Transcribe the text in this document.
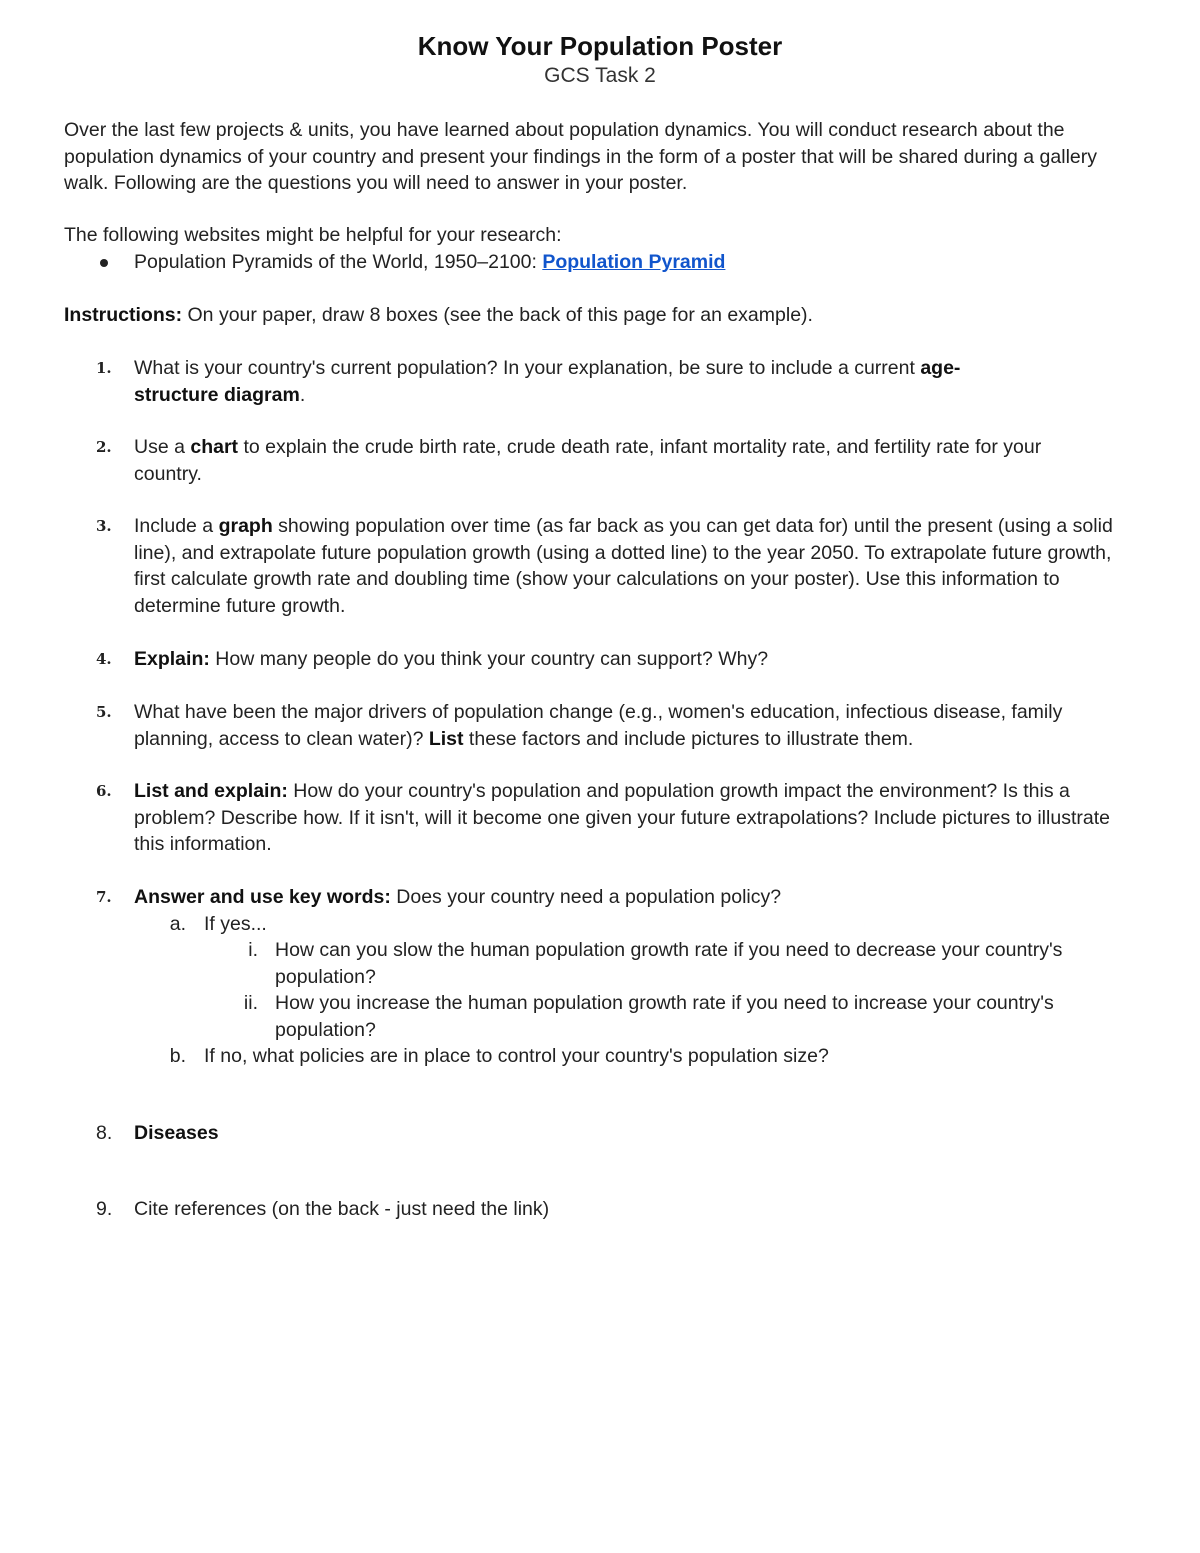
Know Your Population Poster
GCS Task 2

Over the last few projects & units, you have learned about population dynamics. You will conduct research about the population dynamics of your country and present your findings in the form of a poster that will be shared during a gallery walk. Following are the questions you will need to answer in your poster.

The following websites might be helpful for your research:

Population Pyramids of the World, 1950–2100: Population Pyramid

Instructions: On your paper, draw 8 boxes (see the back of this page for an example).

1.	What is your country's current population? In your explanation, be sure to include a current age-structure diagram.

2.	Use a chart to explain the crude birth rate, crude death rate, infant mortality rate, and fertility rate for your country.

3.	Include a graph showing population over time (as far back as you can get data for) until the present (using a solid line), and extrapolate future population growth (using a dotted line) to the year 2050. To extrapolate future growth, first calculate growth rate and doubling time (show your calculations on your poster). Use this information to determine future growth.

4.	Explain: How many people do you think your country can support? Why?

5.	What have been the major drivers of population change (e.g., women's education, infectious disease, family planning, access to clean water)? List these factors and include pictures to illustrate them.

6.	List and explain: How do your country's population and population growth impact the environment? Is this a problem? Describe how. If it isn't, will it become one given your future extrapolations? Include pictures to illustrate this information.

7.	Answer and use key words: Does your country need a population policy?

a. If yes...

i. How can you slow the human population growth rate if you need to decrease your country's population?

ii. How you increase the human population growth rate if you need to increase your country's population?

b. If no, what policies are in place to control your country's population size?

8.	Diseases

9.	Cite references (on the back - just need the link)
